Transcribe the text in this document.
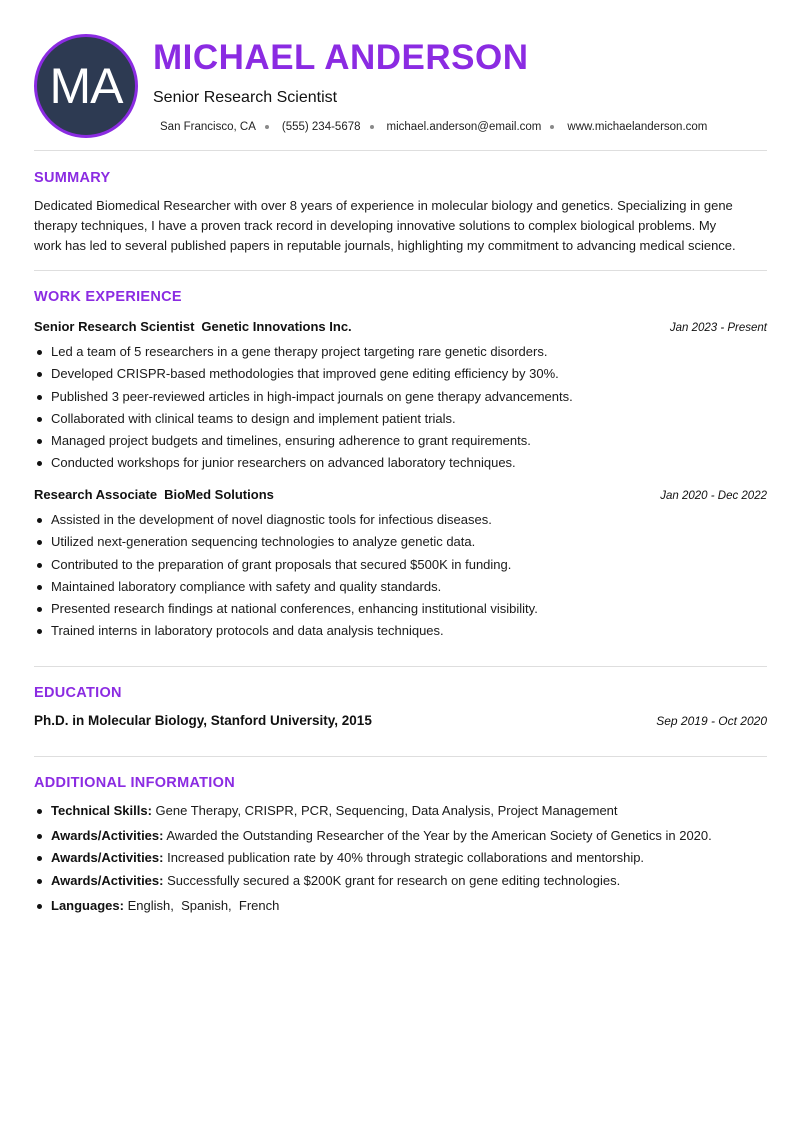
MA
MICHAEL ANDERSON
Senior Research Scientist
San Francisco, CA (555) 234-5678 michael.anderson@email.com www.michaelanderson.com
SUMMARY
Dedicated Biomedical Researcher with over 8 years of experience in molecular biology and genetics. Specializing in gene
therapy techniques, I have a proven track record in developing innovative solutions to complex biological problems. My
work has led to several published papers in reputable journals, highlighting my commitment to advancing medical science.
WORK EXPERIENCE
Senior Research Scientist Genetic Innovations Inc.	Jan 2023 - Present
Led a team of 5 researchers in a gene therapy project targeting rare genetic disorders.
Developed CRISPR-based methodologies that improved gene editing efficiency by 30%.
Published 3 peer-reviewed articles in high-impact journals on gene therapy advancements.
Collaborated with clinical teams to design and implement patient trials.
Managed project budgets and timelines, ensuring adherence to grant requirements.
Conducted workshops for junior researchers on advanced laboratory techniques.
Research Associate BioMed Solutions	Jan 2020 - Dec 2022
Assisted in the development of novel diagnostic tools for infectious diseases.
Utilized next-generation sequencing technologies to analyze genetic data.
Contributed to the preparation of grant proposals that secured $500K in funding.
Maintained laboratory compliance with safety and quality standards.
Presented research findings at national conferences, enhancing institutional visibility.
Trained interns in laboratory protocols and data analysis techniques.
EDUCATION
Ph.D. in Molecular Biology, Stanford University, 2015	Sep 2019 - Oct 2020
ADDITIONAL INFORMATION
Technical Skills: Gene Therapy, CRISPR, PCR, Sequencing, Data Analysis, Project Management
Awards/Activities: Awarded the Outstanding Researcher of the Year by the American Society of Genetics in 2020.
Awards/Activities: Increased publication rate by 40% through strategic collaborations and mentorship.
Awards/Activities: Successfully secured a $200K grant for research on gene editing technologies.
Languages: English, Spanish, French
